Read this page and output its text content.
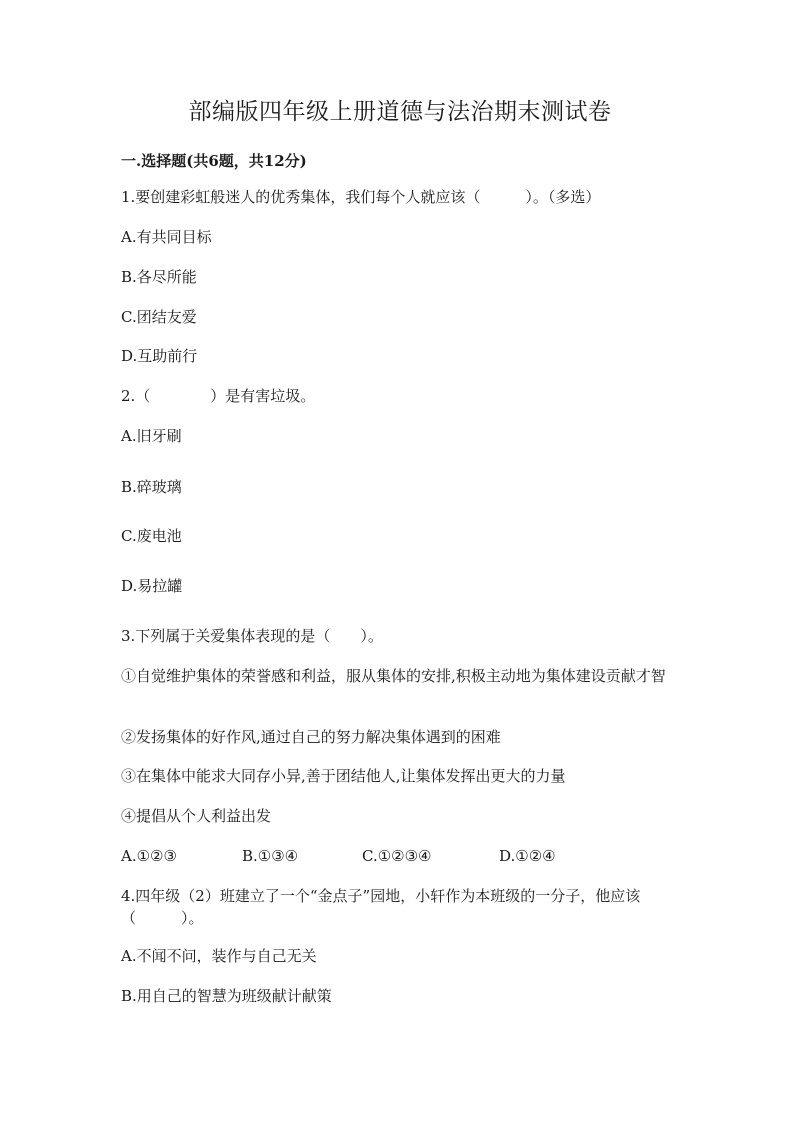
部编版四年级上册道德与法治期末测试卷
一.选择题(共6题，共12分)
1.要创建彩虹般迷人的优秀集体，我们每个人就应该（　　　）。（多选）
A.有共同目标
B.各尽所能
C.团结友爱
D.互助前行
2.（　　　　）是有害垃圾。
A.旧牙刷
B.碎玻璃
C.废电池
D.易拉罐
3.下列属于关爱集体表现的是（　　）。
①自觉维护集体的荣誉感和利益，服从集体的安排,积极主动地为集体建设贡献才智
②发扬集体的好作风,通过自己的努力解决集体遇到的困难
③在集体中能求大同存小异,善于团结他人,让集体发挥出更大的力量
④提倡从个人利益出发
A.①②③	B.①③④	C.①②③④	D.①②④
4.四年级（2）班建立了一个“金点子”园地，小轩作为本班级的一分子，他应该（　　　）。
A.不闻不问，装作与自己无关
B.用自己的智慧为班级献计献策
